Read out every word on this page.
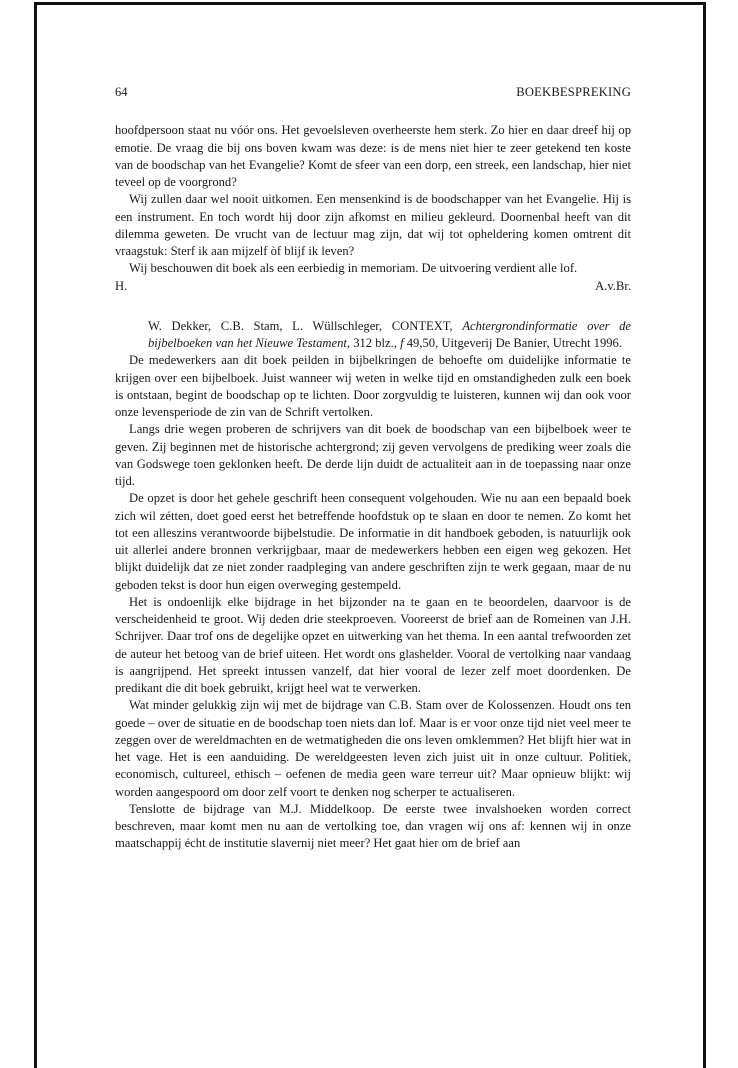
64	BOEKBESPREKING

hoofdpersoon staat nu vóór ons. Het gevoelsleven overheerste hem sterk. Zo hier en daar dreef hij op emotie. De vraag die bij ons boven kwam was deze: is de mens niet hier te zeer getekend ten koste van de boodschap van het Evangelie? Komt de sfeer van een dorp, een streek, een landschap, hier niet teveel op de voorgrond?

Wij zullen daar wel nooit uitkomen. Een mensenkind is de boodschapper van het Evangelie. Hij is een instrument. En toch wordt hij door zijn afkomst en milieu gekleurd. Doornenbal heeft van dit dilemma geweten. De vrucht van de lectuur mag zijn, dat wij tot opheldering komen omtrent dit vraagstuk: Sterf ik aan mijzelf òf blijf ik leven?

Wij beschouwen dit boek als een eerbiedig in memoriam. De uitvoering verdient alle lof.

H.	A.v.Br.

W. Dekker, C.B. Stam, L. Wüllschleger, CONTEXT, Achtergrondinformatie over de bijbelboeken van het Nieuwe Testament, 312 blz., f 49,50, Uitgeverij De Banier, Utrecht 1996.

De medewerkers aan dit boek peilden in bijbelkringen de behoefte om duidelijke informatie te krijgen over een bijbelboek. Juist wanneer wij weten in welke tijd en omstandigheden zulk een boek is ontstaan, begint de boodschap op te lichten. Door zorgvuldig te luisteren, kunnen wij dan ook voor onze levensperiode de zin van de Schrift vertolken.

Langs drie wegen proberen de schrijvers van dit boek de boodschap van een bijbelboek weer te geven. Zij beginnen met de historische achtergrond; zij geven vervolgens de prediking weer zoals die van Godswege toen geklonken heeft. De derde lijn duidt de actualiteit aan in de toepassing naar onze tijd.

De opzet is door het gehele geschrift heen consequent volgehouden. Wie nu aan een bepaald boek zich wil zétten, doet goed eerst het betreffende hoofdstuk op te slaan en door te nemen. Zo komt het tot een alleszins verantwoorde bijbelstudie. De informatie in dit handboek geboden, is natuurlijk ook uit allerlei andere bronnen verkrijgbaar, maar de medewerkers hebben een eigen weg gekozen. Het blijkt duidelijk dat ze niet zonder raadpleging van andere geschriften zijn te werk gegaan, maar de nu geboden tekst is door hun eigen overweging gestempeld.

Het is ondoenlijk elke bijdrage in het bijzonder na te gaan en te beoordelen, daarvoor is de verscheidenheid te groot. Wij deden drie steekproeven. Vooreerst de brief aan de Romeinen van J.H. Schrijver. Daar trof ons de degelijke opzet en uitwerking van het thema. In een aantal trefwoorden zet de auteur het betoog van de brief uiteen. Het wordt ons glashelder. Vooral de vertolking naar vandaag is aangrijpend. Het spreekt intussen vanzelf, dat hier vooral de lezer zelf moet doordenken. De predikant die dit boek gebruikt, krijgt heel wat te verwerken.

Wat minder gelukkig zijn wij met de bijdrage van C.B. Stam over de Kolossenzen. Houdt ons ten goede – over de situatie en de boodschap toen niets dan lof. Maar is er voor onze tijd niet veel meer te zeggen over de wereldmachten en de wetmatigheden die ons leven omklemmen? Het blijft hier wat in het vage. Het is een aanduiding. De wereldgeesten leven zich juist uit in onze cultuur. Politiek, economisch, cultureel, ethisch – oefenen de media geen ware terreur uit? Maar opnieuw blijkt: wij worden aangespoord om door zelf voort te denken nog scherper te actualiseren.

Tenslotte de bijdrage van M.J. Middelkoop. De eerste twee invalshoeken worden correct beschreven, maar komt men nu aan de vertolking toe, dan vragen wij ons af: kennen wij in onze maatschappij écht de institutie slavernij niet meer? Het gaat hier om de brief aan
